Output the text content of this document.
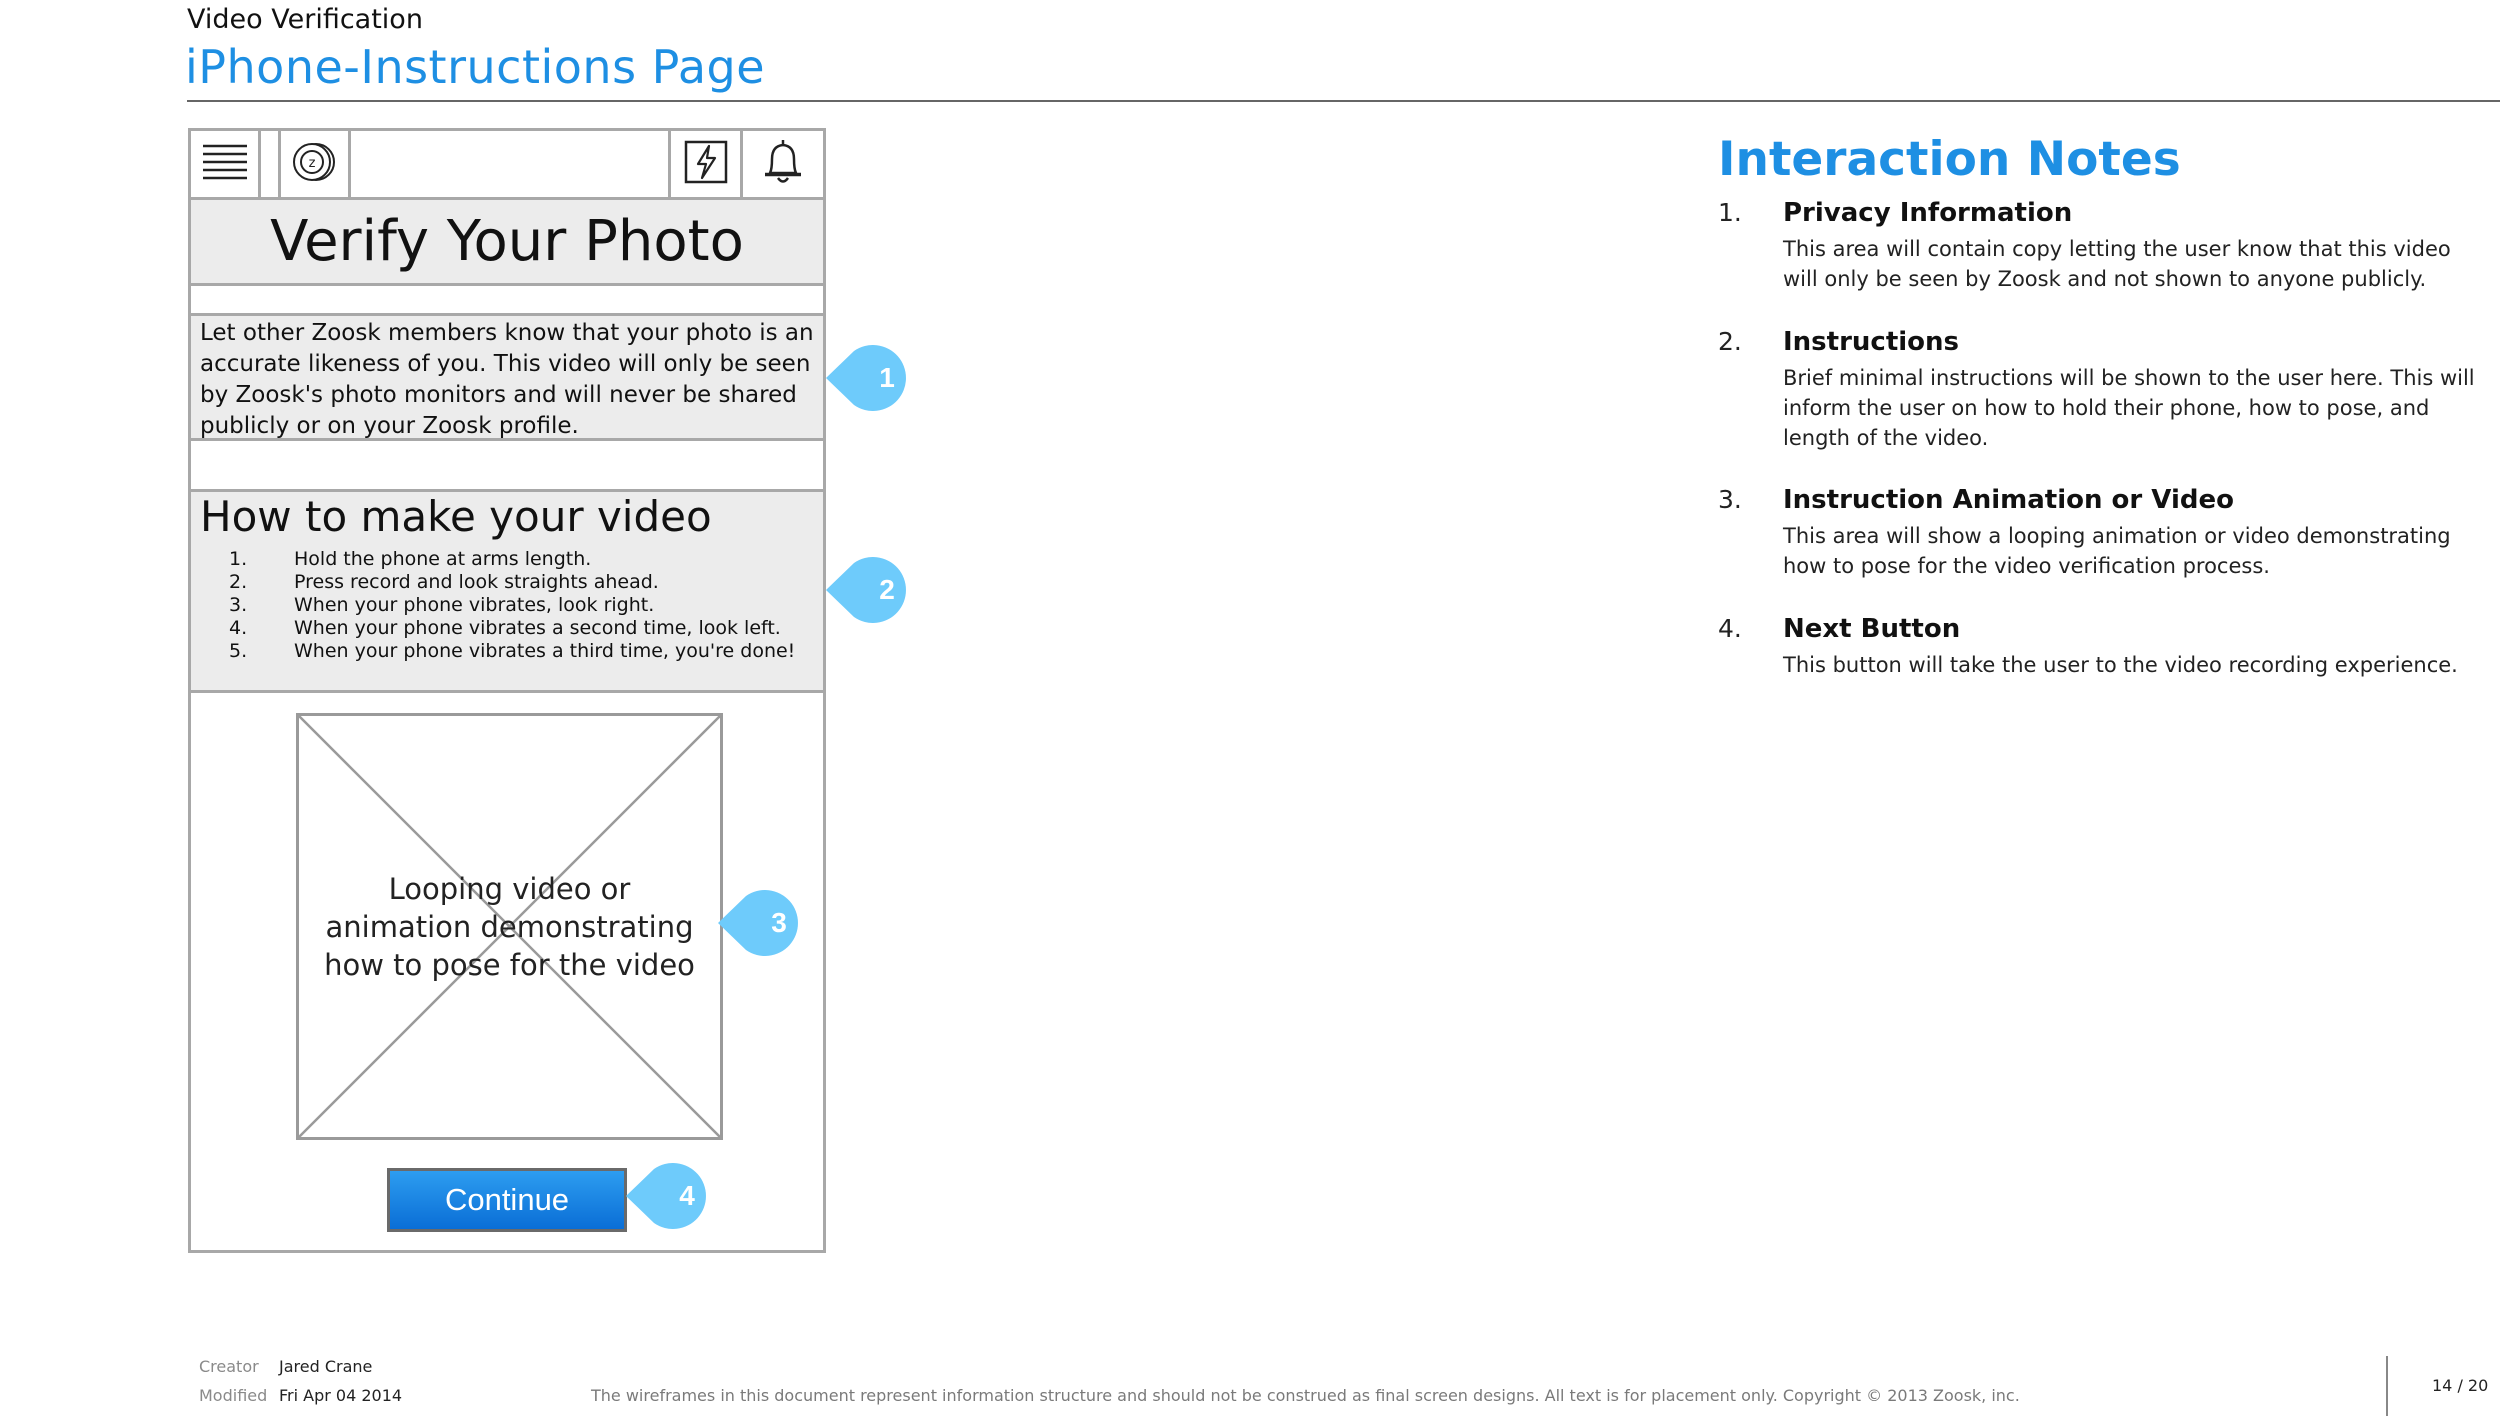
Video Verification
iPhone-Instructions Page
z
Verify Your Photo
Let other Zoosk members know that your photo is an accurate likeness of you. This video will only be seen by Zoosk's photo monitors and will never be shared publicly or on your Zoosk profile.
How to make your video
1. Hold the phone at arms length.
2. Press record and look straights ahead.
3. When your phone vibrates, look right.
4. When your phone vibrates a second time, look left.
5. When your phone vibrates a third time, you're done!
Looping video or animation demonstrating how to pose for the video
Continue
1
2
3
4
Interaction Notes
1. Privacy Information
This area will contain copy letting the user know that this video will only be seen by Zoosk and not shown to anyone publicly.
2. Instructions
Brief minimal instructions will be shown to the user here. This will inform the user on how to hold their phone, how to pose, and length of the video.
3. Instruction Animation or Video
This area will show a looping animation or video demonstrating how to pose for the video verification process.
4. Next Button
This button will take the user to the video recording experience.
Creator Jared Crane
Modified Fri Apr 04 2014	The wireframes in this document represent information structure and should not be construed as final screen designs. All text is for placement only. Copyright © 2013 Zoosk, inc.
14 / 20
